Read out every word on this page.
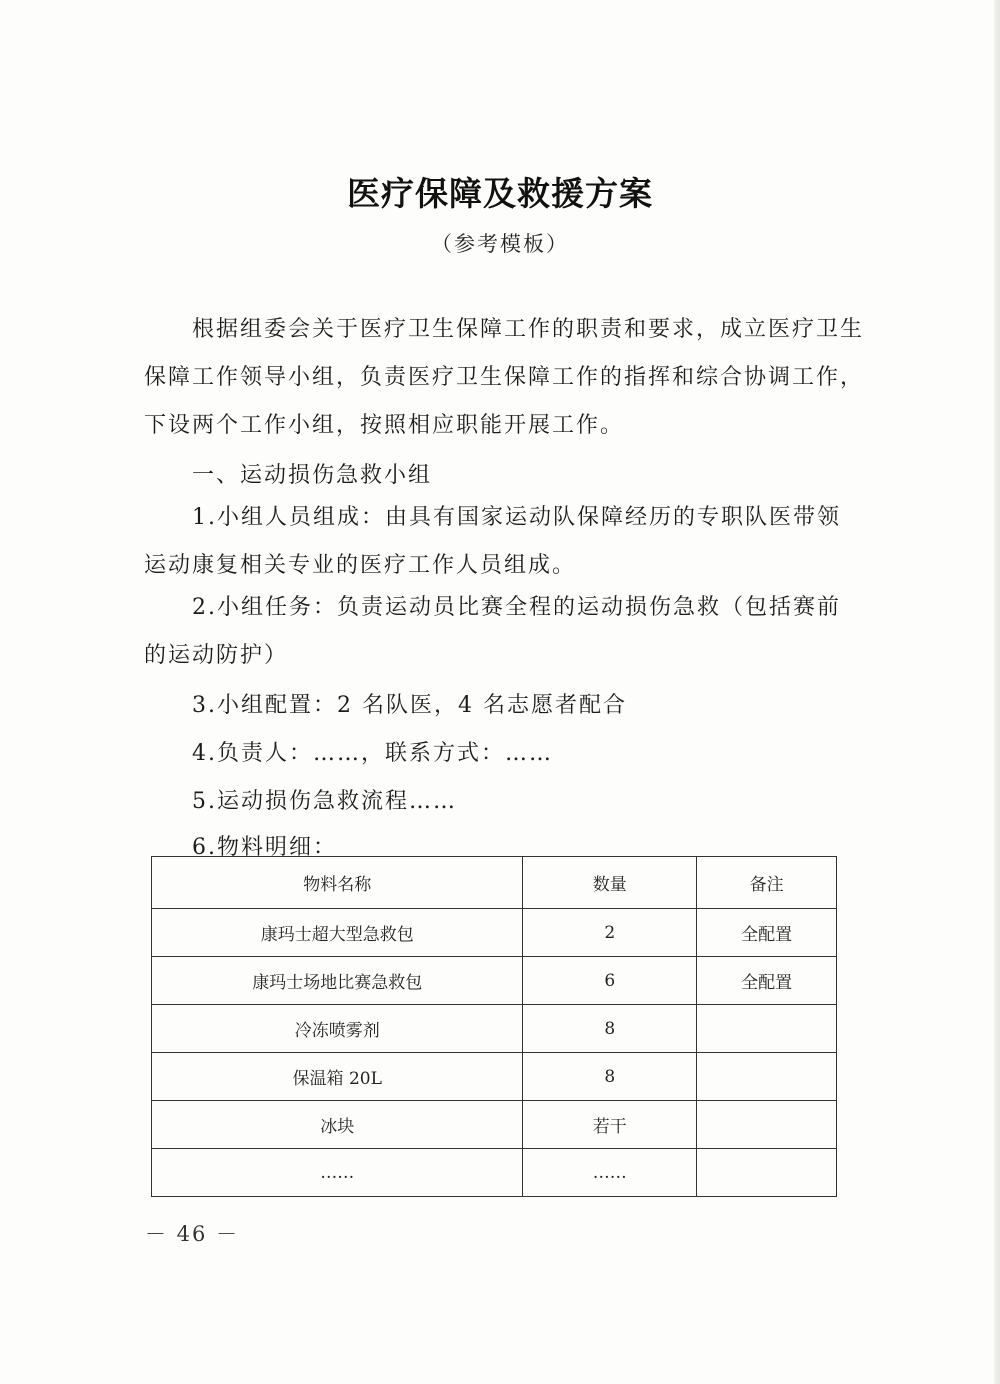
医疗保障及救援方案
（参考模板）
根据组委会关于医疗卫生保障工作的职责和要求，成立医疗卫生保障工作领导小组，负责医疗卫生保障工作的指挥和综合协调工作，下设两个工作小组，按照相应职能开展工作。
一、运动损伤急救小组
1.小组人员组成：由具有国家运动队保障经历的专职队医带领运动康复相关专业的医疗工作人员组成。
2.小组任务：负责运动员比赛全程的运动损伤急救（包括赛前的运动防护）
3.小组配置：2 名队医，4 名志愿者配合
4.负责人：……，联系方式：……
5.运动损伤急救流程……
6.物料明细：
物料名称	数量	备注
康玛士超大型急救包	2	全配置
康玛士场地比赛急救包	6	全配置
冷冻喷雾剂	8	
保温箱 20L	8	
冰块	若干	
……	……	
－ 46 －
